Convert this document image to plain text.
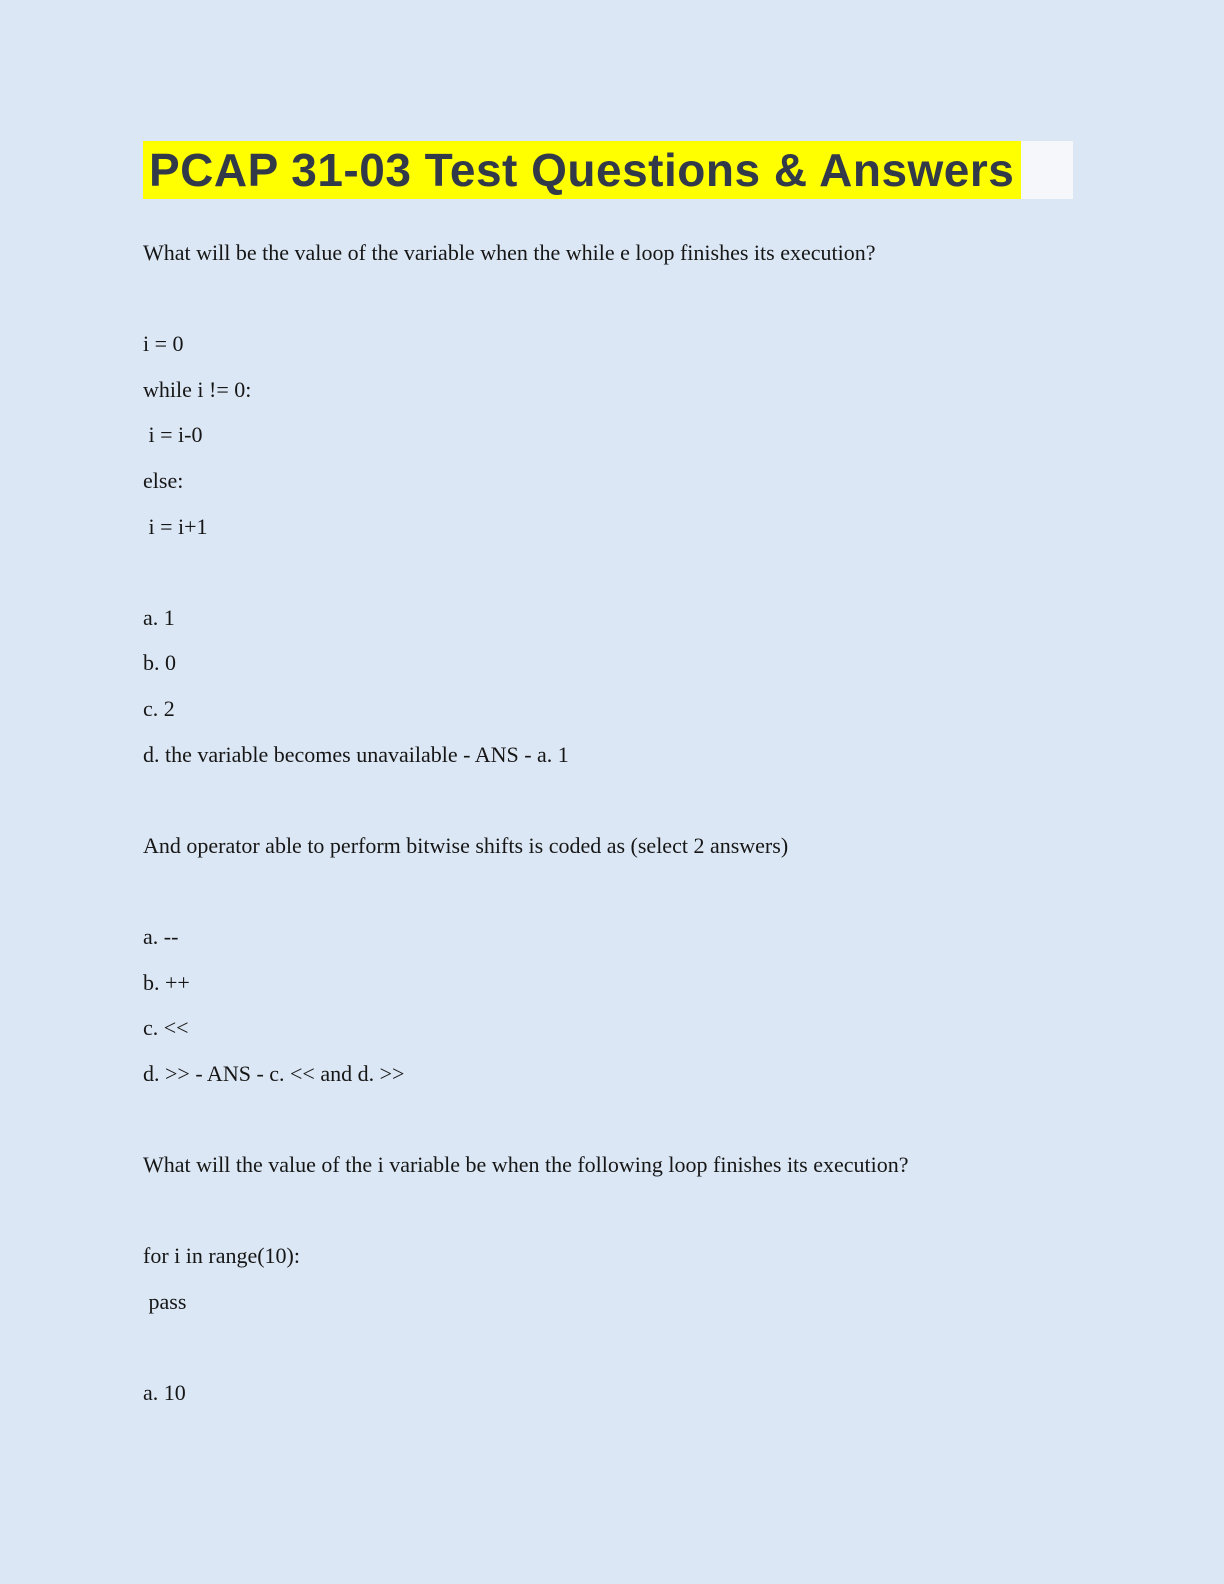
PCAP 31-03 Test Questions & Answers

What will be the value of the variable when the while e loop finishes its execution?

i = 0

while i != 0:

i = i-0

else:

i = i+1

a. 1

b. 0

c. 2

d. the variable becomes unavailable - ANS - a. 1

And operator able to perform bitwise shifts is coded as (select 2 answers)

a. --

b. ++

c. <<

d. >> - ANS - c. << and d. >>

What will the value of the i variable be when the following loop finishes its execution?

for i in range(10):

pass

a. 10
